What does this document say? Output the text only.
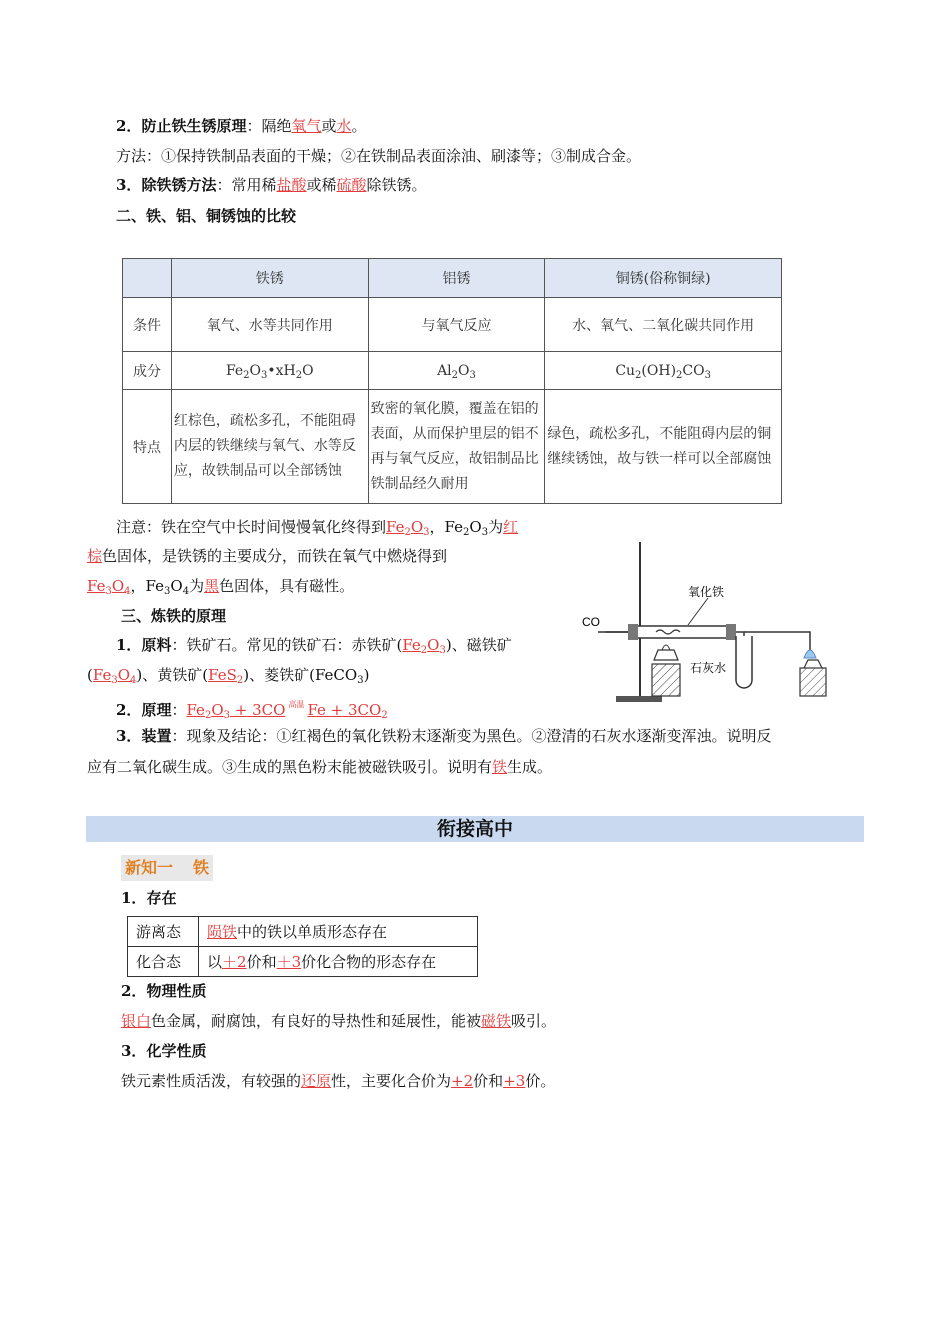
2．防止铁生锈原理：隔绝氧气或水。
方法：①保持铁制品表面的干燥；②在铁制品表面涂油、刷漆等；③制成合金。
3．除铁锈方法：常用稀盐酸或稀硫酸除铁锈。
二、铁、铝、铜锈蚀的比较
	铁锈	铝锈	铜锈(俗称铜绿)
条件	氧气、水等共同作用	与氧气反应	水、氧气、二氧化碳共同作用
成分	$Fe_2O_3•xH_2O$	$Al_2O_3$	$Cu_2(OH)_2CO_3$
特点	红棕色，疏松多孔，不能阻碍内层的铁继续与氧气、水等反应，故铁制品可以全部锈蚀	致密的氧化膜，覆盖在铝的表面，从而保护里层的铝不再与氧气反应，故铝制品比铁制品经久耐用	绿色，疏松多孔，不能阻碍内层的铜继续锈蚀，故与铁一样可以全部腐蚀
注意：铁在空气中长时间慢慢氧化终得到$Fe_2O_3$，$Fe_2O_3$为红
棕色固体，是铁锈的主要成分，而铁在氧气中燃烧得到
$Fe_3O_4$，$Fe_3O_4$为黑色固体，具有磁性。
三、炼铁的原理
1．原料：铁矿石。常见的铁矿石：赤铁矿$(Fe_2O_3)$、磁铁矿
$(Fe_3O_4)$、黄铁矿(FeS$_2$)、菱铁矿(FeCO$_3$)
2．原理：$Fe_2O_3 + 3CO$ $^{高温}$ $Fe + 3CO_2$
3．装置：现象及结论：①红褐色的氧化铁粉末逐渐变为黑色。②澄清的石灰水逐渐变浑浊。说明反
应有二氧化碳生成。③生成的黑色粉末能被磁铁吸引。说明有铁生成。
CO
氧化铁
石灰水
衔接高中
新知一 铁
1．存在
游离态	陨铁中的铁以单质形态存在
化合态	以＋2价和＋3价化合物的形态存在
2．物理性质
银白色金属，耐腐蚀，有良好的导热性和延展性，能被磁铁吸引。
3．化学性质
铁元素性质活泼，有较强的还原性，主要化合价为+2价和+3价。
